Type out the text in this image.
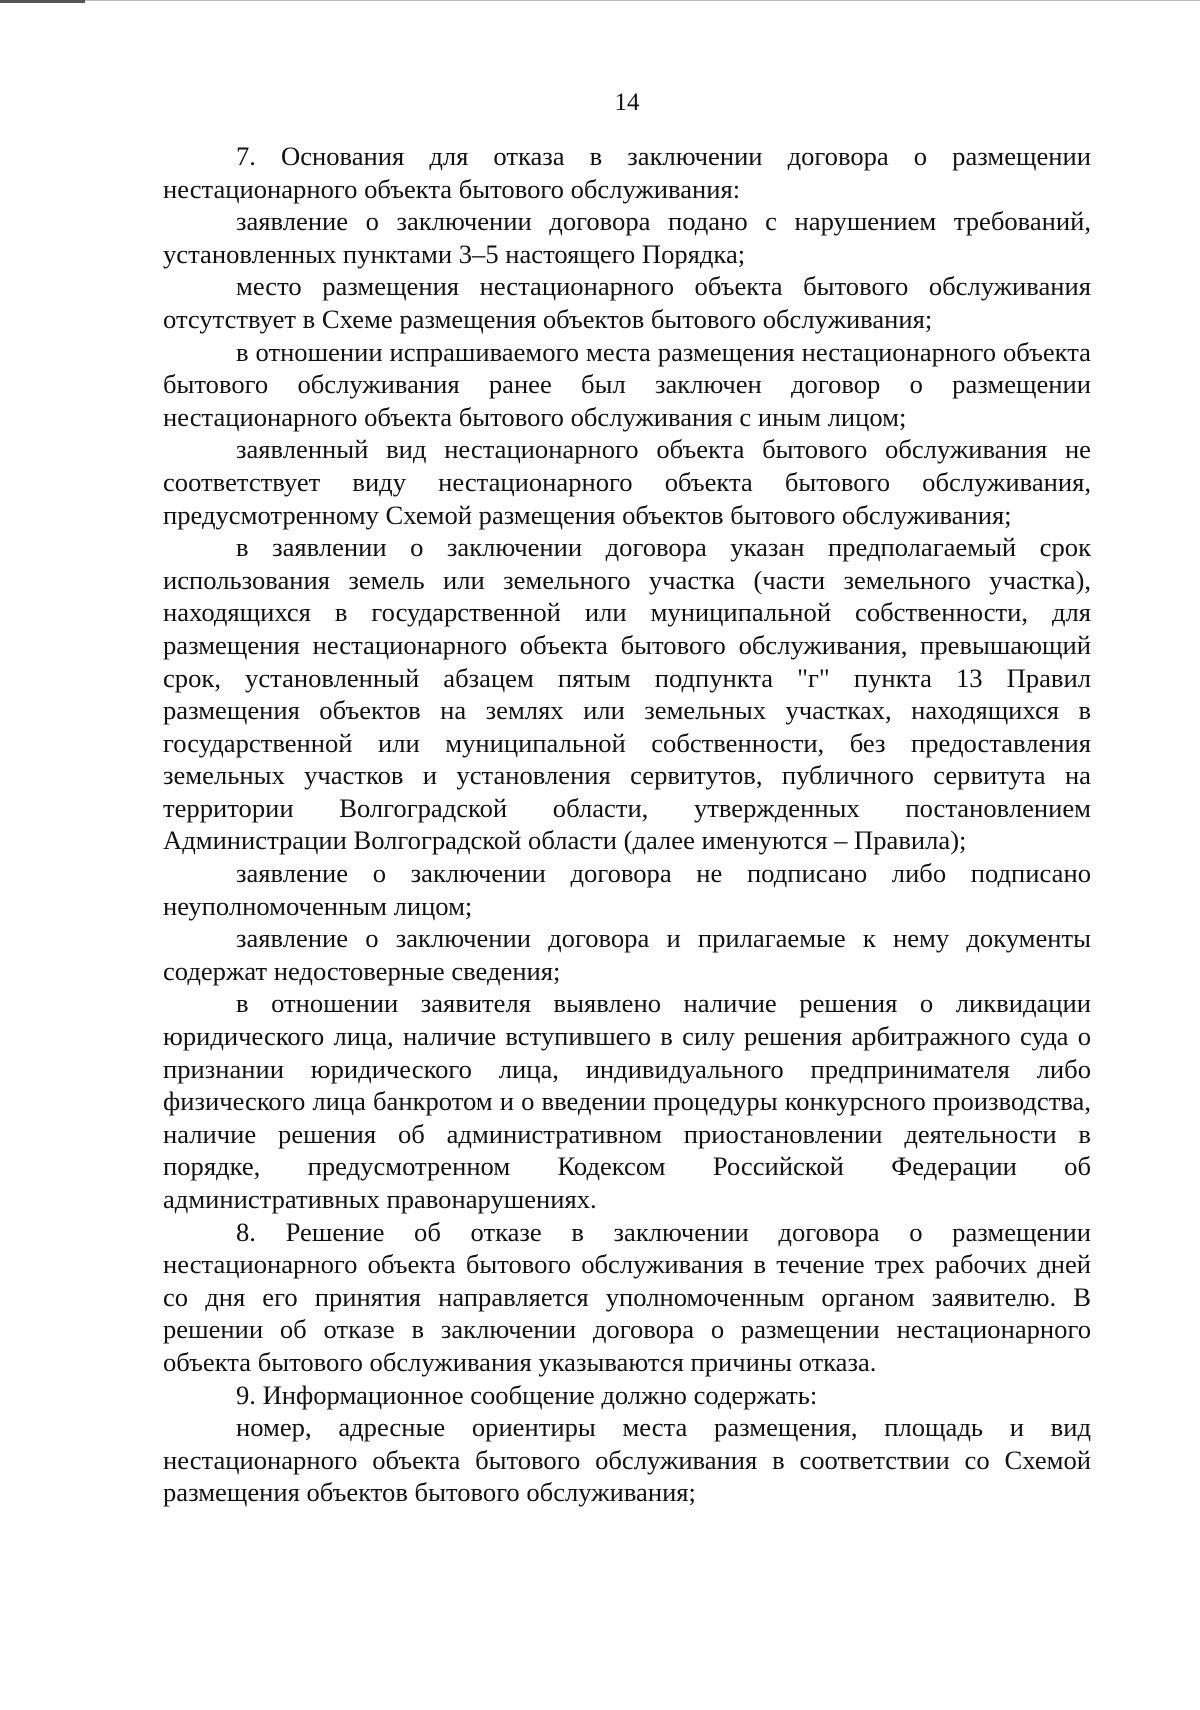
14

7. Основания для отказа в заключении договора о размещении нестационарного объекта бытового обслуживания:

заявление о заключении договора подано с нарушением требований, установленных пунктами 3–5 настоящего Порядка;

место размещения нестационарного объекта бытового обслуживания отсутствует в Схеме размещения объектов бытового обслуживания;

в отношении испрашиваемого места размещения нестационарного объекта бытового обслуживания ранее был заключен договор о размещении нестационарного объекта бытового обслуживания с иным лицом;

заявленный вид нестационарного объекта бытового обслуживания не соответствует виду нестационарного объекта бытового обслуживания, предусмотренному Схемой размещения объектов бытового обслуживания;

в заявлении о заключении договора указан предполагаемый срок использования земель или земельного участка (части земельного участка), находящихся в государственной или муниципальной собственности, для размещения нестационарного объекта бытового обслуживания, превышающий срок, установленный абзацем пятым подпункта "г" пункта 13 Правил размещения объектов на землях или земельных участках, находящихся в государственной или муниципальной собственности, без предоставления земельных участков и установления сервитутов, публичного сервитута на территории Волгоградской области, утвержденных постановлением Администрации Волгоградской области (далее именуются – Правила);

заявление о заключении договора не подписано либо подписано неуполномоченным лицом;

заявление о заключении договора и прилагаемые к нему документы содержат недостоверные сведения;

в отношении заявителя выявлено наличие решения о ликвидации юридического лица, наличие вступившего в силу решения арбитражного суда о признании юридического лица, индивидуального предпринимателя либо физического лица банкротом и о введении процедуры конкурсного производства, наличие решения об административном приостановлении деятельности в порядке, предусмотренном Кодексом Российской Федерации об административных правонарушениях.

8. Решение об отказе в заключении договора о размещении нестационарного объекта бытового обслуживания в течение трех рабочих дней со дня его принятия направляется уполномоченным органом заявителю. В решении об отказе в заключении договора о размещении нестационарного объекта бытового обслуживания указываются причины отказа.

9. Информационное сообщение должно содержать:

номер, адресные ориентиры места размещения, площадь и вид нестационарного объекта бытового обслуживания в соответствии со Схемой размещения объектов бытового обслуживания;
